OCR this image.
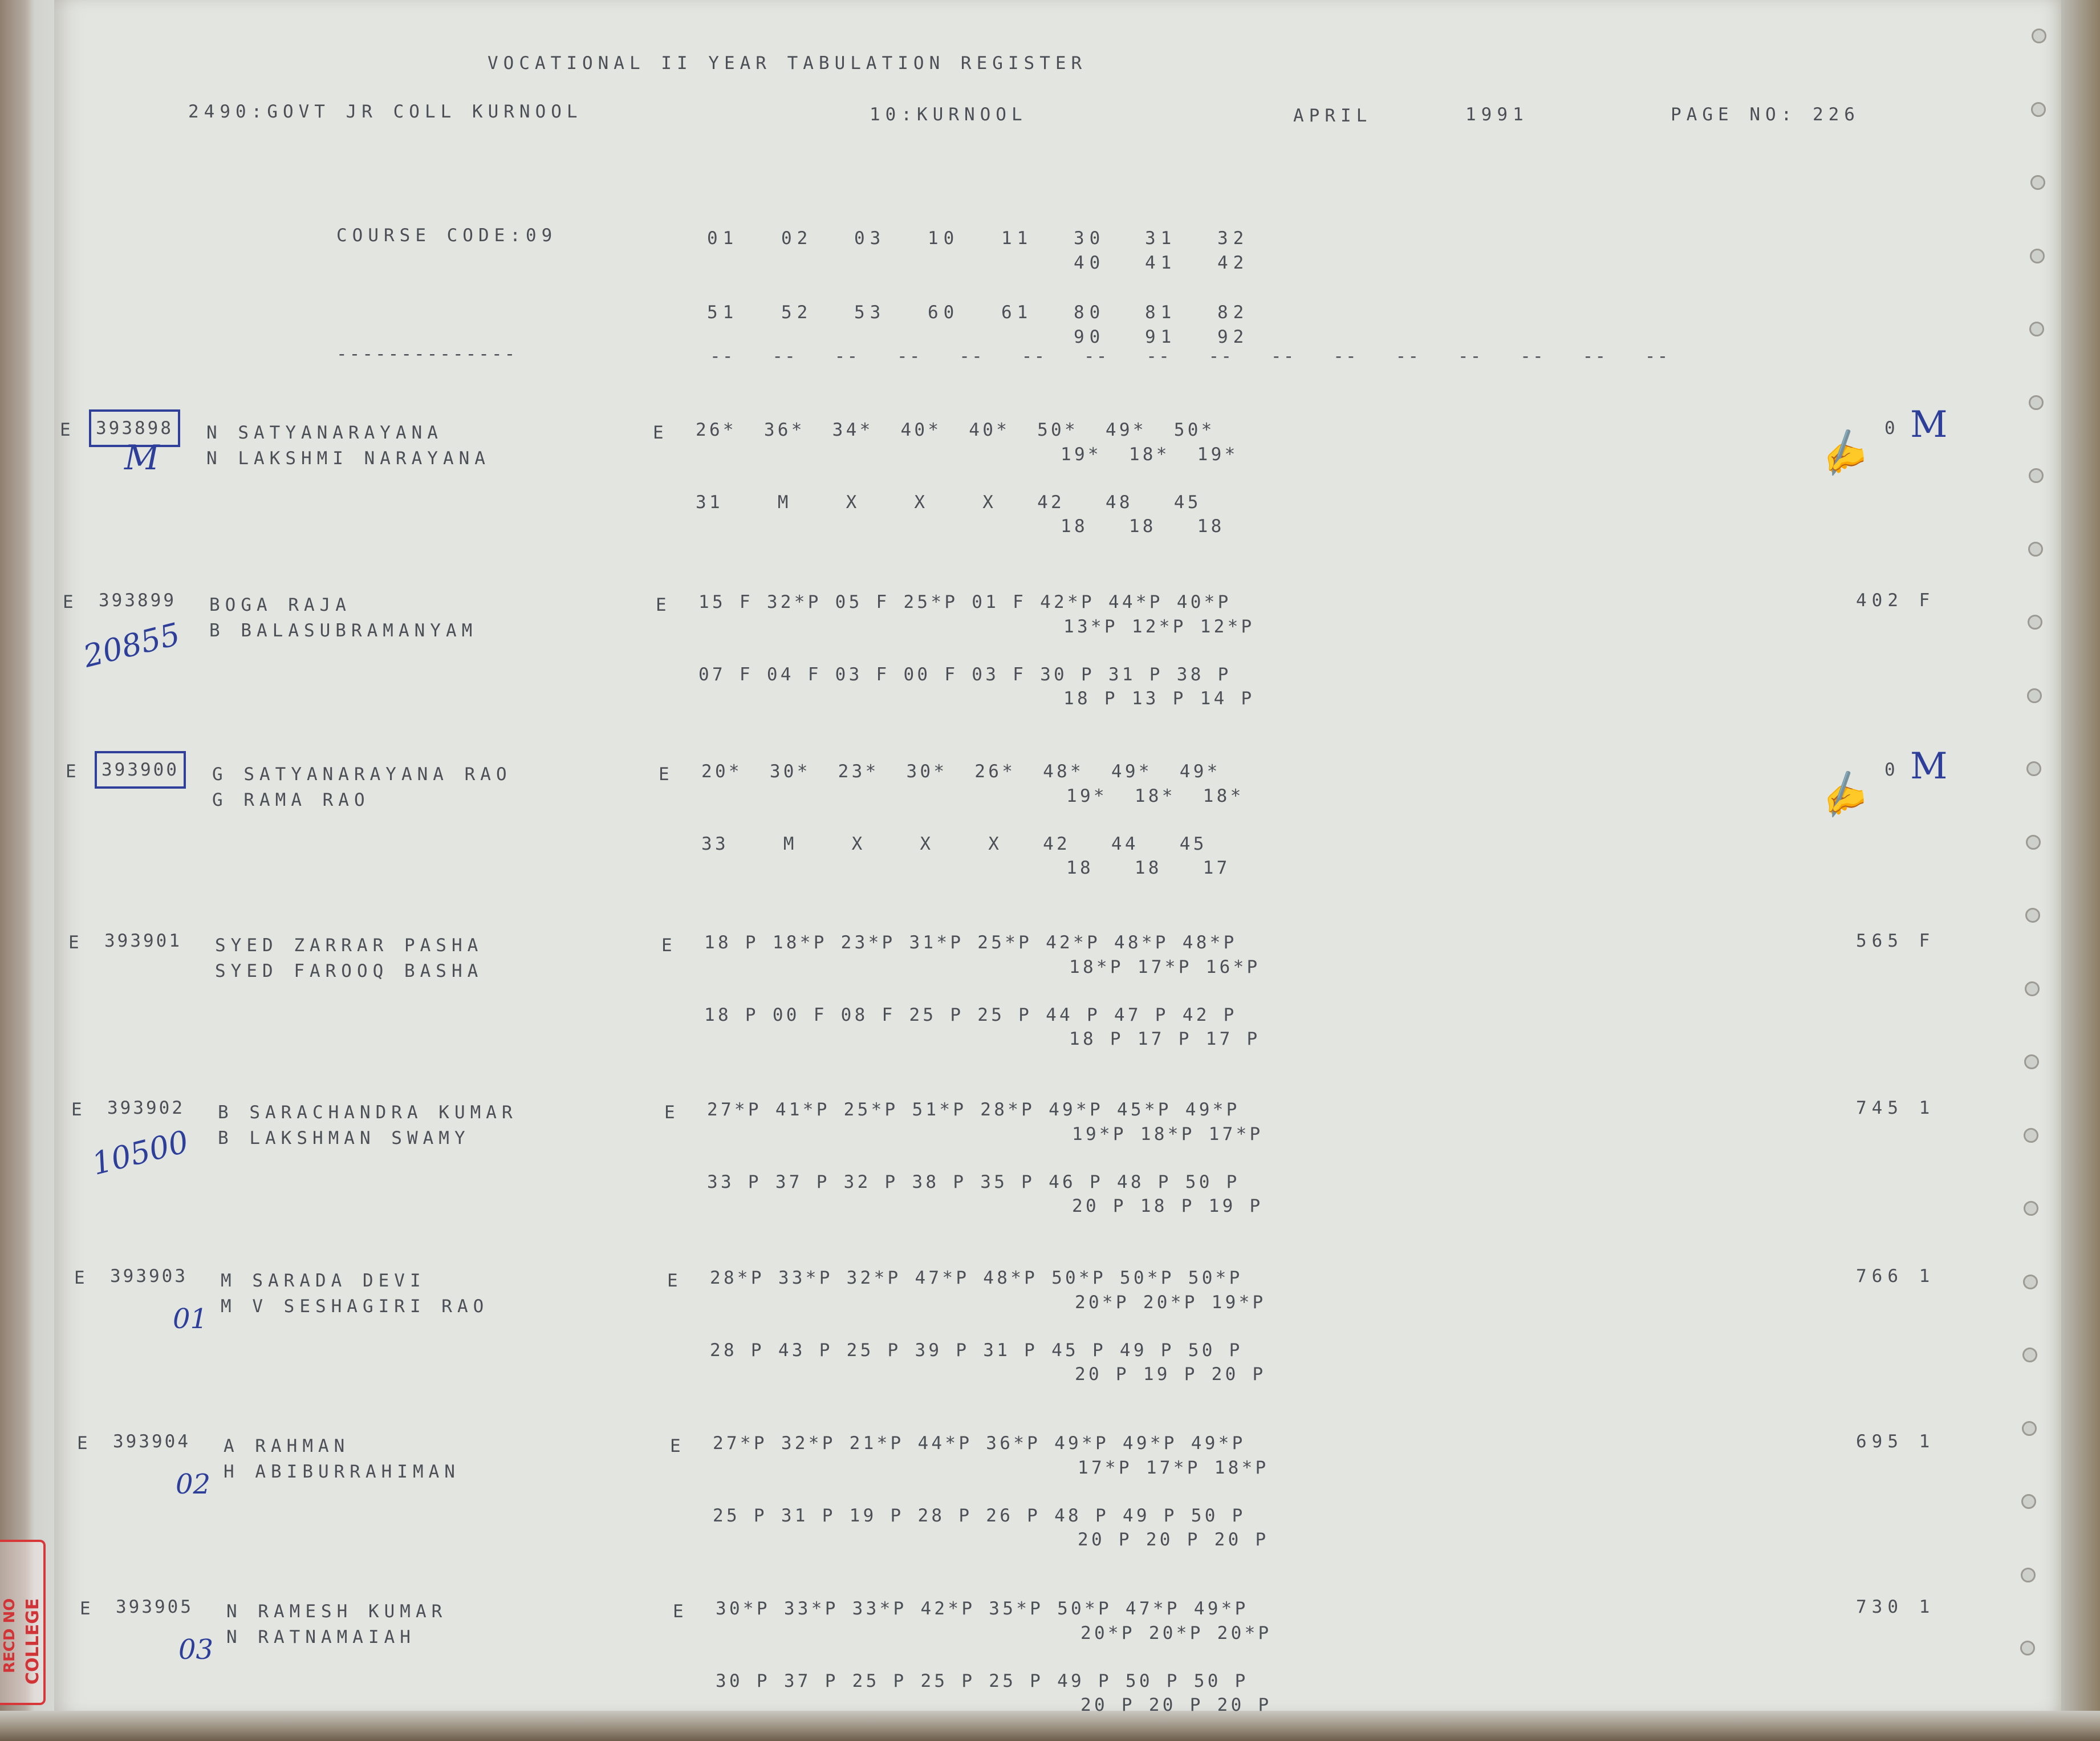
VOCATIONAL II YEAR TABULATION REGISTER
2490:GOVT JR COLL KURNOOL	10:KURNOOL	APRIL	1991	PAGE NO: 226
COURSE CODE:09	01 02 03 10 11 30 31 32
40 41 42
51 52 53 60 61 80 81 82
90 91 92
--------------	--   --   --   --   --   --   --   --   --   --   --   --   --   --   --   --
E 393898 N SATYANARAYANA
N LAKSHMI NARAYANA
E 26*  36*  34*  40*  40*  50*  49*  50*
19*  18*  19*
31    M    X    X    X   42   48   45
18   18   18
0 M
✍
M
E 393899 BOGA RAJA
B BALASUBRAMANYAM
E 15 F 32*P 05 F 25*P 01 F 42*P 44*P 40*P
13*P 12*P 12*P
07 F 04 F 03 F 00 F 03 F 30 P 31 P 38 P
18 P 13 P 14 P
402 F
20855
E 393900 G SATYANARAYANA RAO
G RAMA RAO
E 20*  30*  23*  30*  26*  48*  49*  49*
19*  18*  18*
33    M    X    X    X   42   44   45
18   18   17
0 M
✍
E 393901 SYED ZARRAR PASHA
SYED FAROOQ BASHA
E 18 P 18*P 23*P 31*P 25*P 42*P 48*P 48*P
18*P 17*P 16*P
18 P 00 F 08 F 25 P 25 P 44 P 47 P 42 P
18 P 17 P 17 P
565 F
E 393902 B SARACHANDRA KUMAR
B LAKSHMAN SWAMY
E 27*P 41*P 25*P 51*P 28*P 49*P 45*P 49*P
19*P 18*P 17*P
33 P 37 P 32 P 38 P 35 P 46 P 48 P 50 P
20 P 18 P 19 P
745 1
10500
E 393903 M SARADA DEVI
M V SESHAGIRI RAO
E 28*P 33*P 32*P 47*P 48*P 50*P 50*P 50*P
20*P 20*P 19*P
28 P 43 P 25 P 39 P 31 P 45 P 49 P 50 P
20 P 19 P 20 P
766 1
01
E 393904 A RAHMAN
H ABIBURRAHIMAN
E 27*P 32*P 21*P 44*P 36*P 49*P 49*P 49*P
17*P 17*P 18*P
25 P 31 P 19 P 28 P 26 P 48 P 49 P 50 P
20 P 20 P 20 P
695 1
02
E 393905 N RAMESH KUMAR
N RATNAMAIAH
E 30*P 33*P 33*P 42*P 35*P 50*P 47*P 49*P
20*P 20*P 20*P
30 P 37 P 25 P 25 P 25 P 49 P 50 P 50 P
20 P 20 P 20 P
730 1
03
RECD NO COLLEGE
